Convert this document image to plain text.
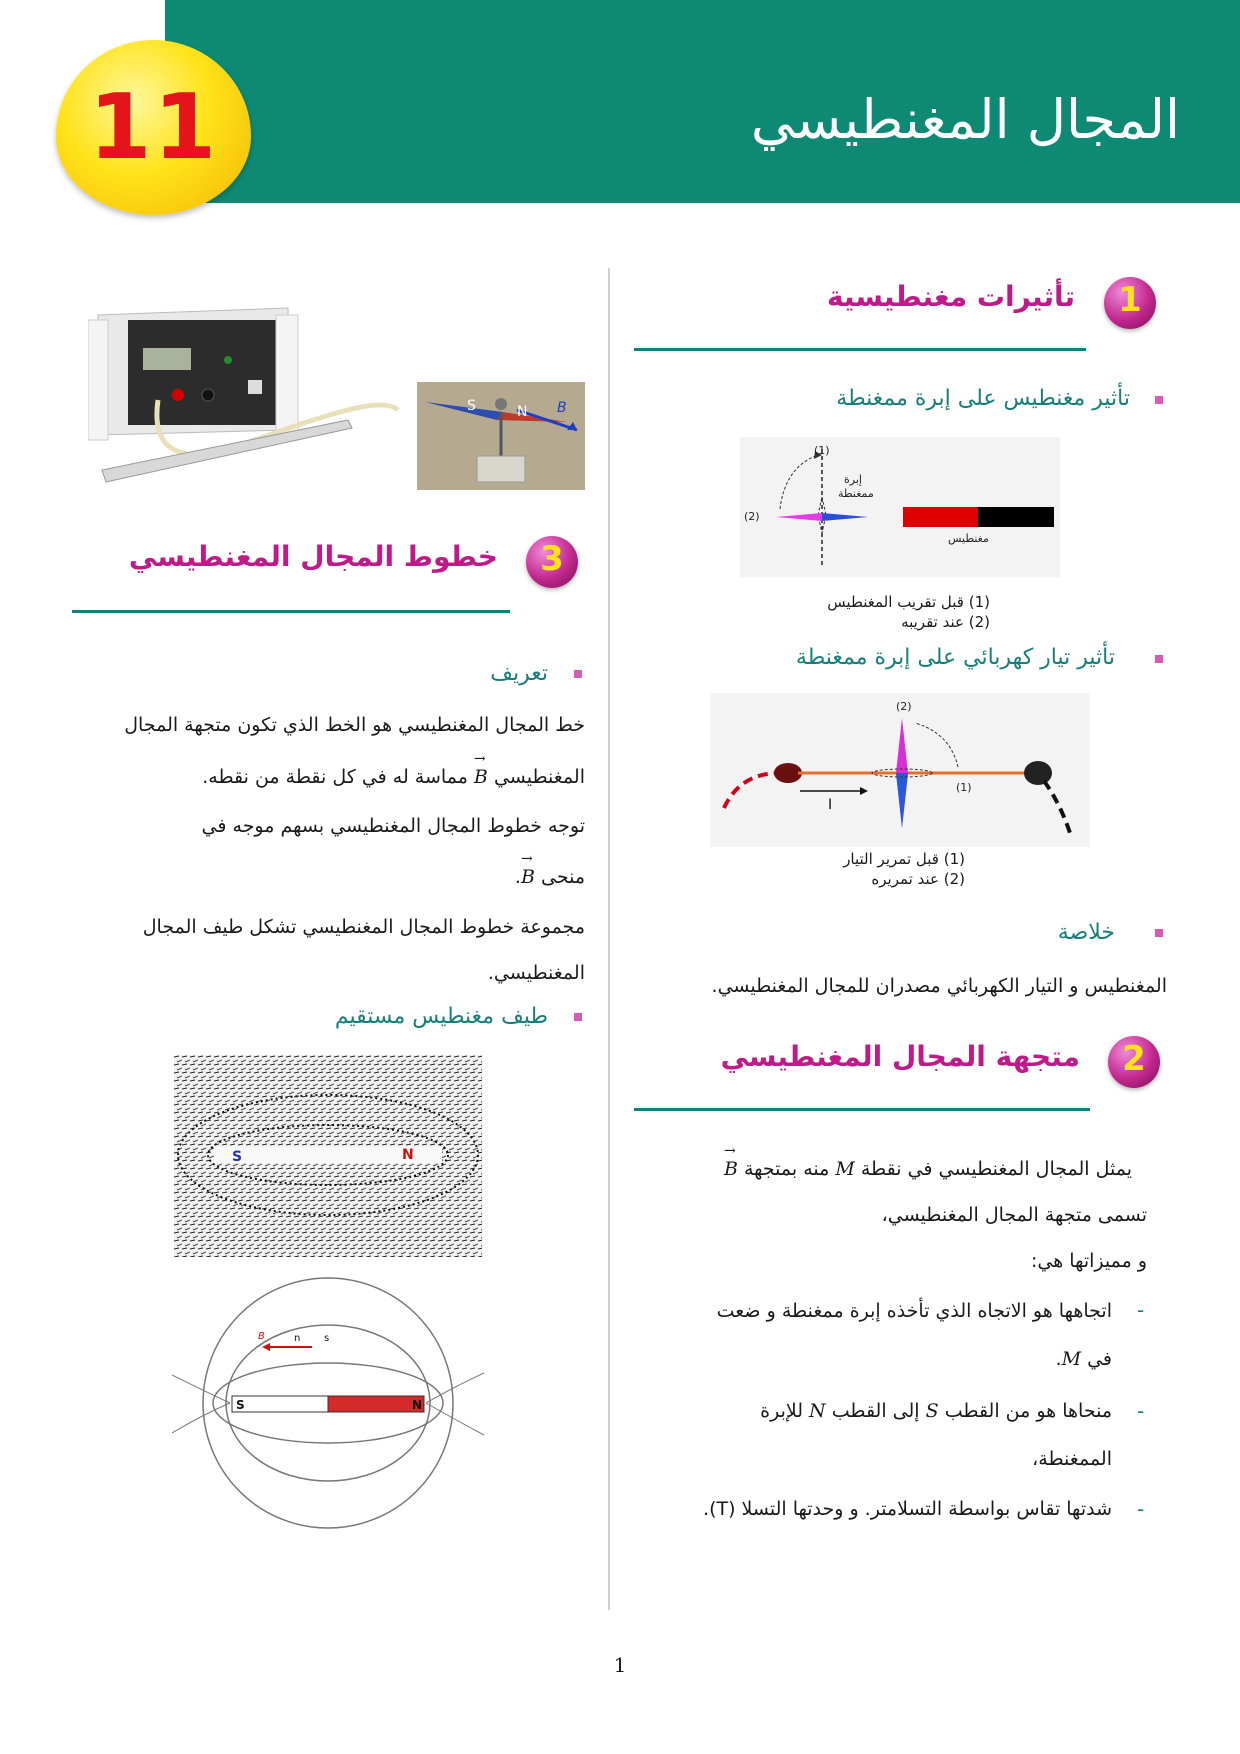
المجال المغنطيسي
11
1
تأثيرات مغنطيسية
تأثير مغنطيس على إبرة ممغنطة
(1)
(2)
إبرة
ممغنطة
مغنطيس
(1) قبل تقريب المغنطيس
(2) عند تقريبه
تأثير تيار كهربائي على إبرة ممغنطة
I
(2)
(1)
(1) قبل تمرير التيار
(2) عند تمريره
خلاصة
المغنطيس و التيار الكهربائي مصدران للمجال المغنطيسي.
2
متجهة المجال المغنطيسي
يمثل المجال المغنطيسي في نقطة M منه بمتجهة → B
تسمى متجهة المجال المغنطيسي،
و مميزاتها هي:
-
اتجاهها هو الاتجاه الذي تأخذه إبرة ممغنطة و ضعت
في M.
-
منحاها هو من القطب S إلى القطب N للإبرة
الممغنطة،
-
شدتها تقاس بواسطة التسلامتر. و وحدتها التسلا (T).
S	N B
3
خطوط المجال المغنطيسي
تعريف
خط المجال المغنطيسي هو الخط الذي تكون متجهة المجال
المغنطيسي → B مماسة له في كل نقطة من نقطه.
توجه خطوط المجال المغنطيسي بسهم موجه في
منحى → B.
مجموعة خطوط المجال المغنطيسي تشكل طيف المجال
المغنطيسي.
طيف مغنطيس مستقيم
S	N
S	N
B	n s
1
